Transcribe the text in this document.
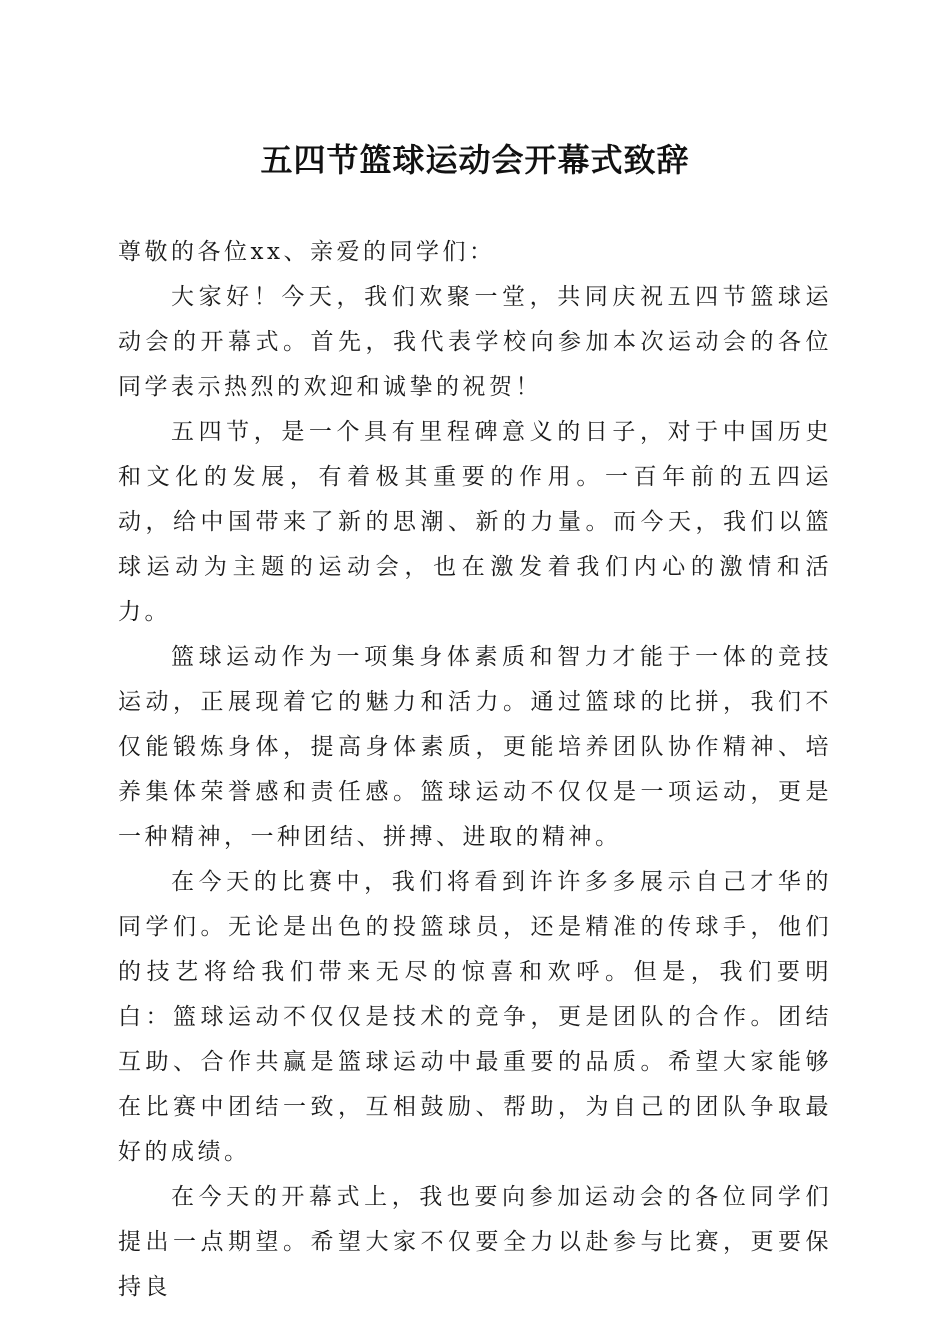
五四节篮球运动会开幕式致辞

尊敬的各位xx、亲爱的同学们：

大家好！今天，我们欢聚一堂，共同庆祝五四节篮球运动会的开幕式。首先，我代表学校向参加本次运动会的各位同学表示热烈的欢迎和诚挚的祝贺！

五四节，是一个具有里程碑意义的日子，对于中国历史和文化的发展，有着极其重要的作用。一百年前的五四运动，给中国带来了新的思潮、新的力量。而今天，我们以篮球运动为主题的运动会，也在激发着我们内心的激情和活力。

篮球运动作为一项集身体素质和智力才能于一体的竞技运动，正展现着它的魅力和活力。通过篮球的比拼，我们不仅能锻炼身体，提高身体素质，更能培养团队协作精神、培养集体荣誉感和责任感。篮球运动不仅仅是一项运动，更是一种精神，一种团结、拼搏、进取的精神。

在今天的比赛中，我们将看到许许多多展示自己才华的同学们。无论是出色的投篮球员，还是精准的传球手，他们的技艺将给我们带来无尽的惊喜和欢呼。但是，我们要明白：篮球运动不仅仅是技术的竞争，更是团队的合作。团结互助、合作共赢是篮球运动中最重要的品质。希望大家能够在比赛中团结一致，互相鼓励、帮助，为自己的团队争取最好的成绩。

在今天的开幕式上，我也要向参加运动会的各位同学们提出一点期望。希望大家不仅要全力以赴参与比赛，更要保持良
